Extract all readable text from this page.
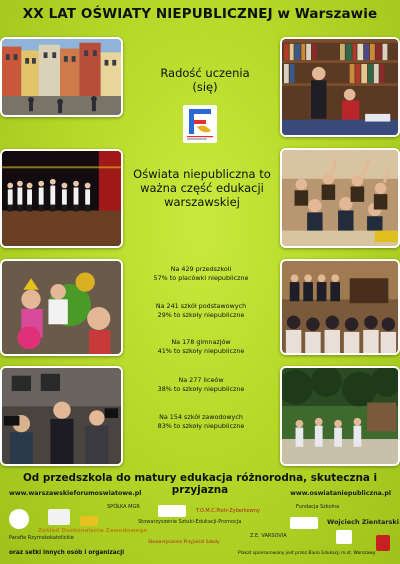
XX LAT OŚWIATY NIEPUBLICZNEJ w Warszawie
Radość uczenia (się)
Oświata niepubliczna to ważna część edukacji warszawskiej
Na 429 przedszkoli
57% to placówki niepubliczne
Na 241 szkół podstawowych
29% to szkoły niepubliczne
Na 178 gimnazjów
41% to szkoły niepubliczne
Na 277 liceów
38% to szkoły niepubliczne
Na 154 szkół zawodowych
83% to szkoły niepubliczne
Od przedszkola do matury edukacja różnorodna, skuteczna i przyjazna
www.warszawskieforumoswiatowe.pl	www.oswiataniepubliczna.pl
SPÓŁKA MGR
T.O.M.C.Piotr-Zyberkowny
Fundacja Szkolna
Stowarzyszenie Sztuki-Edukacji-Promocja	Wojciech Zientarski
Zakład Doskonalenia Zawodowego
Parafie Rzymskokatolickie	Z.E. VARSOVIA
Stowarzyszenie Przyjaciół Szkoły
oraz setki innych osób i organizacji	Plakat sponsorowany jest przez Biuro Edukacji m.st. Warszawy
